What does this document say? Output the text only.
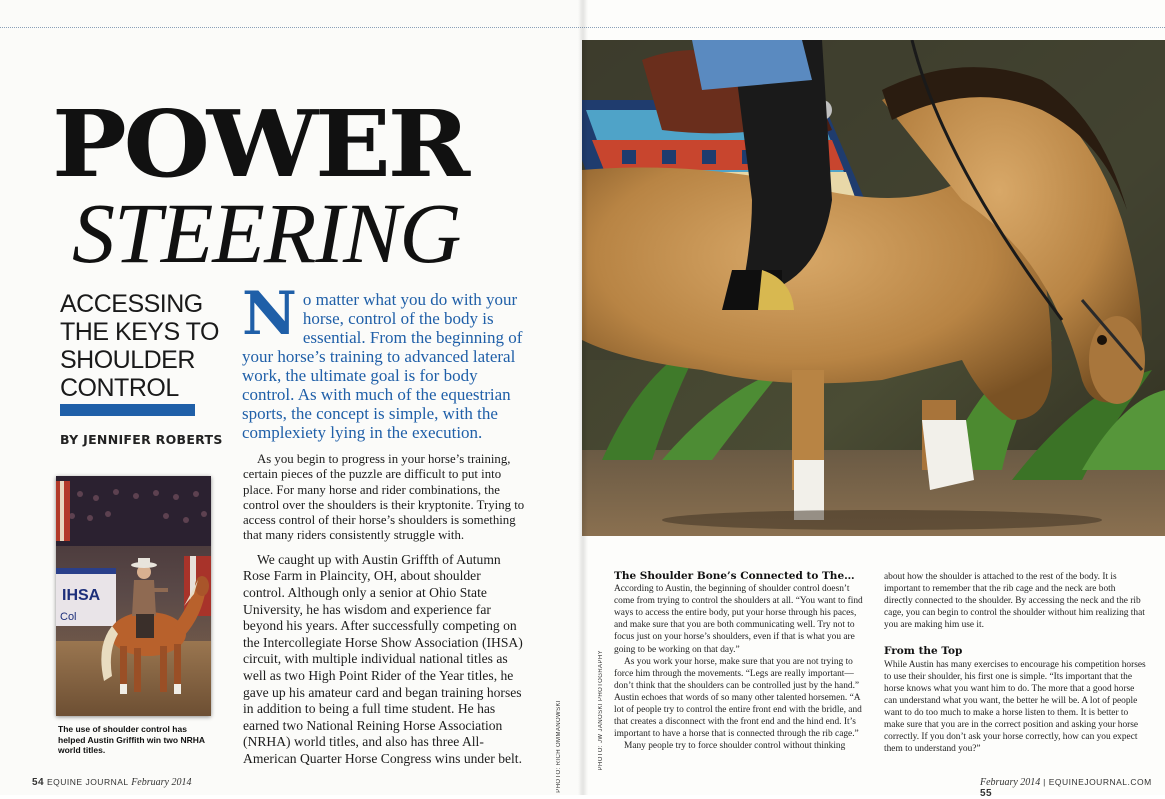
POWER
STEERING
ACCESSING THE KEYS TO SHOULDER CONTROL
BY JENNIFER ROBERTS
IHSA
Col
The use of shoulder control has helped Austin Griffith win two NRHA world titles.
No matter what you do with your horse, control of the body is essential. From the beginning of your horse’s training to advanced lateral work, the ultimate goal is for body control. As with much of the equestrian sports, the concept is simple, with the complexiety lying in the execution.

As you begin to progress in your horse’s training, certain pieces of the puzzle are difficult to put into place. For many horse and rider combinations, the control over the shoulders is their kryptonite. Trying to access control of their horse’s shoulders is something that many riders consistently struggle with.

We caught up with Austin Griffth of Autumn Rose Farm in Plaincity, OH, about shoulder control. Although only a senior at Ohio State University, he has wisdom and experience far beyond his years. After successfully competing on the Intercollegiate Horse Show Association (IHSA) circuit, with multiple individual national titles as well as two High Point Rider of the Year titles, he gave up his amateur card and began training horses in addition to being a full time student. He has earned two National Reining Horse Association (NRHA) world titles, and also has three All-American Quarter Horse Congress wins under belt.	PHOTO: RICH OMMANOWSKI
54 EQUINE JOURNAL February 2014
PHOTO: JW JANOSKI PHOTOGRAPHY
The Shoulder Bone’s Connected to The…

According to Austin, the beginning of shoulder control doesn’t come from trying to control the shoulders at all. “You want to find ways to access the entire body, put your horse through his paces, and make sure that you are both communicating well. Try not to focus just on your horse’s shoulders, even if that is what you are going to be working on that day.”

As you work your horse, make sure that you are not trying to force him through the movements. “Legs are really important—don’t think that the shoulders can be controlled just by the hand.” Austin echoes that words of so many other talented horsemen. “A lot of people try to control the entire front end with the bridle, and that creates a disconnect with the front end and the hind end. It’s important to have a horse that is connected through the rib cage.”

Many people try to force shoulder control without thinking

about how the shoulder is attached to the rest of the body. It is important to remember that the rib cage and the neck are both directly connected to the shoulder. By accessing the neck and the rib cage, you can begin to control the shoulder without him realizing that you are making him use it.

From the Top

While Austin has many exercises to encourage his competition horses to use their shoulder, his first one is simple. “Its important that the horse knows what you want him to do. The more that a good horse can understand what you want, the better he will be. A lot of people want to do too much to make a horse listen to them. It is better to make sure that you are in the correct position and asking your horse correctly. If you don’t ask your horse correctly, how can you expect them to understand you?”

February 2014 | EQUINEJOURNAL.COM 55
